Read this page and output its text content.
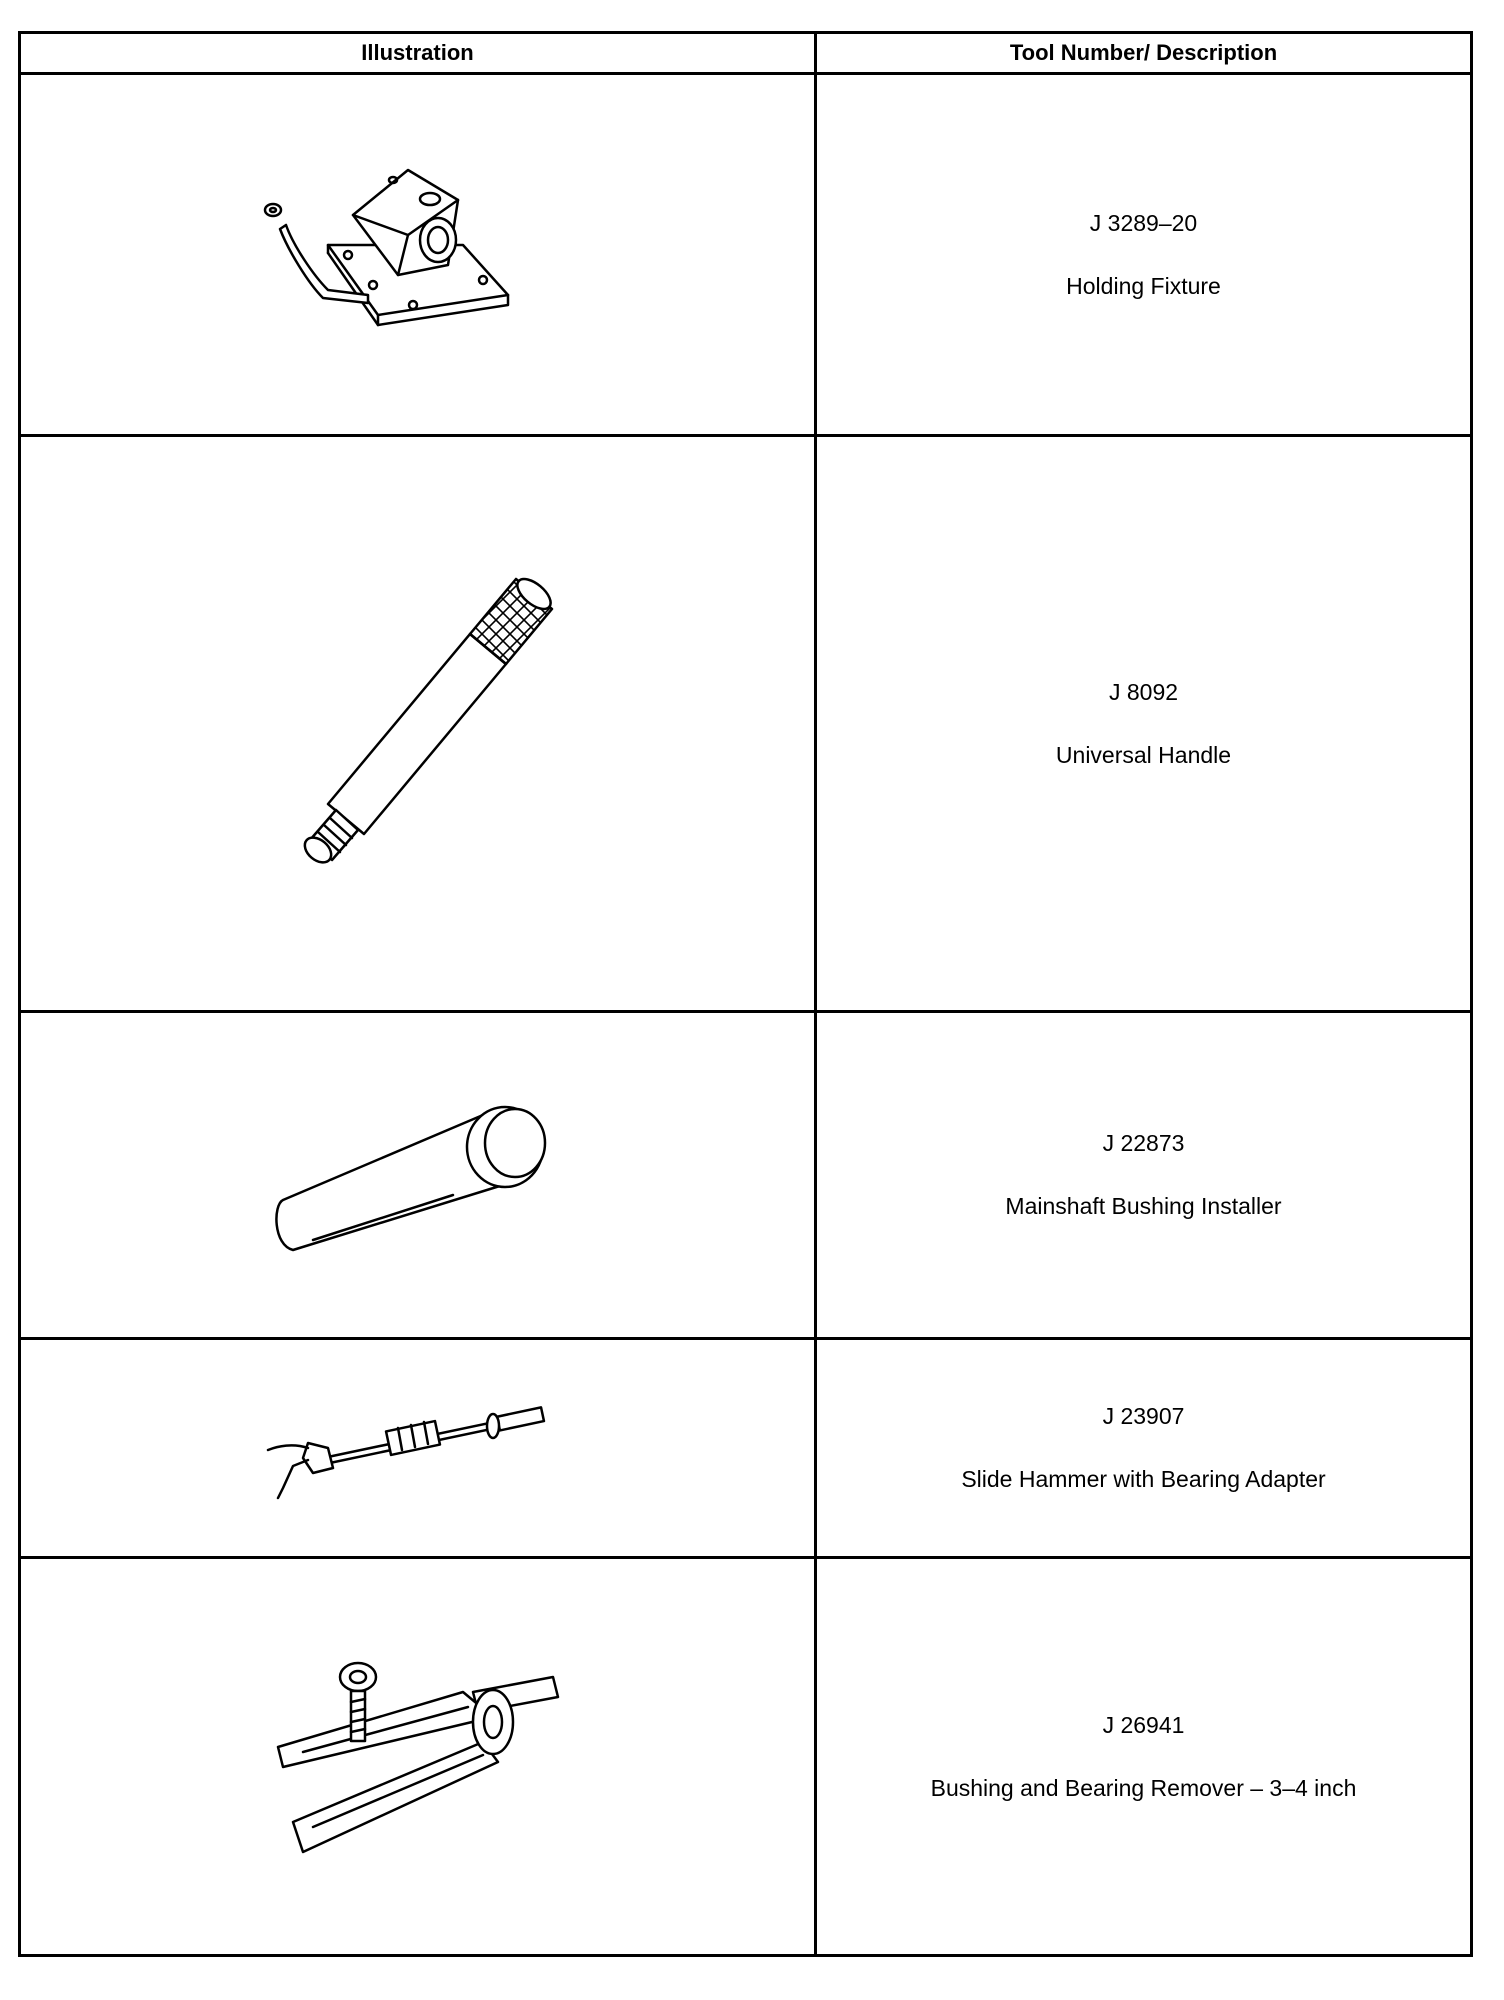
Illustration	Tool Number/ Description

J 3289–20
Holding Fixture

J 8092
Universal Handle

J 22873
Mainshaft Bushing Installer

J 23907
Slide Hammer with Bearing Adapter

J 26941
Bushing and Bearing Remover – 3–4 inch
